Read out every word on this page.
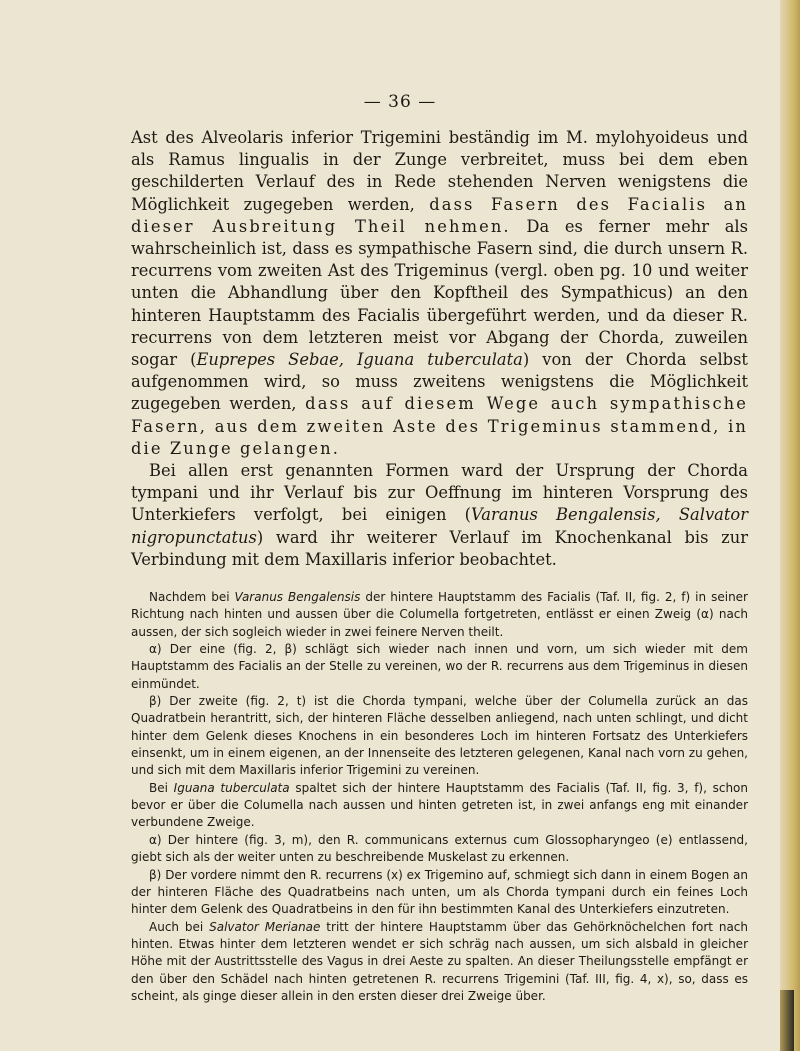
— 36 —

Ast des Alveolaris inferior Trigemini beständig im M. mylohyoideus und als Ramus lingualis in der Zunge verbreitet, muss bei dem eben geschilderten Verlauf des in Rede stehenden Nerven wenigstens die Möglichkeit zugegeben werden, dass Fasern des Facialis an dieser Ausbreitung Theil nehmen. Da es ferner mehr als wahrscheinlich ist, dass es sympathische Fasern sind, die durch unsern R. recurrens vom zweiten Ast des Trigeminus (vergl. oben pg. 10 und weiter unten die Abhandlung über den Kopftheil des Sympathicus) an den hinteren Hauptstamm des Facialis übergeführt werden, und da dieser R. recurrens von dem letzteren meist vor Abgang der Chorda, zuweilen sogar (Euprepes Sebae, Iguana tuberculata) von der Chorda selbst aufgenommen wird, so muss zweitens wenigstens die Möglichkeit zugegeben werden, dass auf diesem Wege auch sympathische Fasern, aus dem zweiten Aste des Trigeminus stammend, in die Zunge gelangen.

Bei allen erst genannten Formen ward der Ursprung der Chorda tympani und ihr Verlauf bis zur Oeffnung im hinteren Vorsprung des Unterkiefers verfolgt, bei einigen (Varanus Bengalensis, Salvator nigropunctatus) ward ihr weiterer Verlauf im Knochenkanal bis zur Verbindung mit dem Maxillaris inferior beobachtet.

Nachdem bei Varanus Bengalensis der hintere Hauptstamm des Facialis (Taf. II, fig. 2, f) in seiner Richtung nach hinten und aussen über die Columella fortgetreten, entlässt er einen Zweig (α) nach aussen, der sich sogleich wieder in zwei feinere Nerven theilt.

α) Der eine (fig. 2, β) schlägt sich wieder nach innen und vorn, um sich wieder mit dem Hauptstamm des Facialis an der Stelle zu vereinen, wo der R. recurrens aus dem Trigeminus in diesen einmündet.

β) Der zweite (fig. 2, t) ist die Chorda tympani, welche über der Columella zurück an das Quadratbein herantritt, sich, der hinteren Fläche desselben anliegend, nach unten schlingt, und dicht hinter dem Gelenk dieses Knochens in ein besonderes Loch im hinteren Fortsatz des Unterkiefers einsenkt, um in einem eigenen, an der Innenseite des letzteren gelegenen, Kanal nach vorn zu gehen, und sich mit dem Maxillaris inferior Trigemini zu vereinen.

Bei Iguana tuberculata spaltet sich der hintere Hauptstamm des Facialis (Taf. II, fig. 3, f), schon bevor er über die Columella nach aussen und hinten getreten ist, in zwei anfangs eng mit einander verbundene Zweige.

α) Der hintere (fig. 3, m), den R. communicans externus cum Glossopharyngeo (e) entlassend, giebt sich als der weiter unten zu beschreibende Muskelast zu erkennen.

β) Der vordere nimmt den R. recurrens (x) ex Trigemino auf, schmiegt sich dann in einem Bogen an der hinteren Fläche des Quadratbeins nach unten, um als Chorda tympani durch ein feines Loch hinter dem Gelenk des Quadratbeins in den für ihn bestimmten Kanal des Unterkiefers einzutreten.

Auch bei Salvator Merianae tritt der hintere Hauptstamm über das Gehörknöchelchen fort nach hinten. Etwas hinter dem letzteren wendet er sich schräg nach aussen, um sich alsbald in gleicher Höhe mit der Austrittsstelle des Vagus in drei Aeste zu spalten. An dieser Theilungsstelle empfängt er den über den Schädel nach hinten getretenen R. recurrens Trigemini (Taf. III, fig. 4, x), so, dass es scheint, als ginge dieser allein in den ersten dieser drei Zweige über.
